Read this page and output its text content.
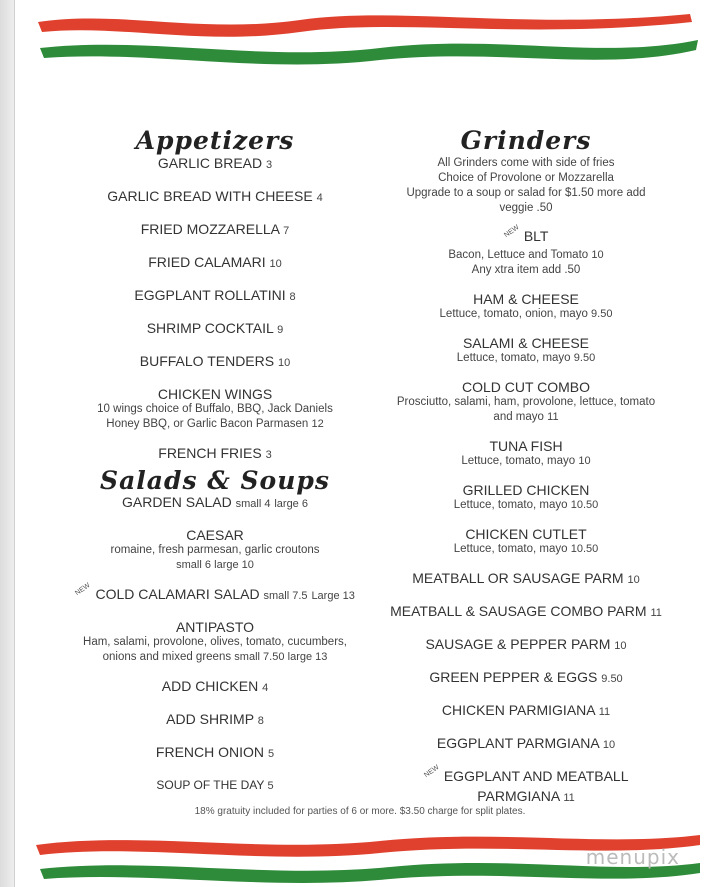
Appetizers
GARLIC BREAD 3
GARLIC BREAD WITH CHEESE 4
FRIED MOZZARELLA 7
FRIED CALAMARI 10
EGGPLANT ROLLATINI 8
SHRIMP COCKTAIL 9
BUFFALO TENDERS 10
CHICKEN WINGS
10 wings choice of Buffalo, BBQ, Jack Daniels
Honey BBQ, or Garlic Bacon Parmasen 12
FRENCH FRIES 3
Salads & Soups
GARDEN SALAD small 4 large 6
CAESAR
romaine, fresh parmesan, garlic croutons
small 6 large 10
NEW COLD CALAMARI SALAD small 7.5 Large 13
ANTIPASTO
Ham, salami, provolone, olives, tomato, cucumbers,
onions and mixed greens small 7.50 large 13
ADD CHICKEN 4
ADD SHRIMP 8
FRENCH ONION 5
SOUP OF THE DAY 5
Grinders
All Grinders come with side of fries
Choice of Provolone or Mozzarella
Upgrade to a soup or salad for $1.50 more add
veggie .50
NEW BLT
Bacon, Lettuce and Tomato 10
Any xtra item add .50
HAM & CHEESE
Lettuce, tomato, onion, mayo 9.50
SALAMI & CHEESE
Lettuce, tomato, mayo 9.50
COLD CUT COMBO
Prosciutto, salami, ham, provolone, lettuce, tomato
and mayo 11
TUNA FISH
Lettuce, tomato, mayo 10
GRILLED CHICKEN
Lettuce, tomato, mayo 10.50
CHICKEN CUTLET
Lettuce, tomato, mayo 10.50
MEATBALL OR SAUSAGE PARM 10
MEATBALL & SAUSAGE COMBO PARM 11
SAUSAGE & PEPPER PARM 10
GREEN PEPPER & EGGS 9.50
CHICKEN PARMIGIANA 11
EGGPLANT PARMGIANA 10
NEW EGGPLANT AND MEATBALL
PARMGIANA 11
18% gratuity included for parties of 6 or more. $3.50 charge for split plates.
menupix
